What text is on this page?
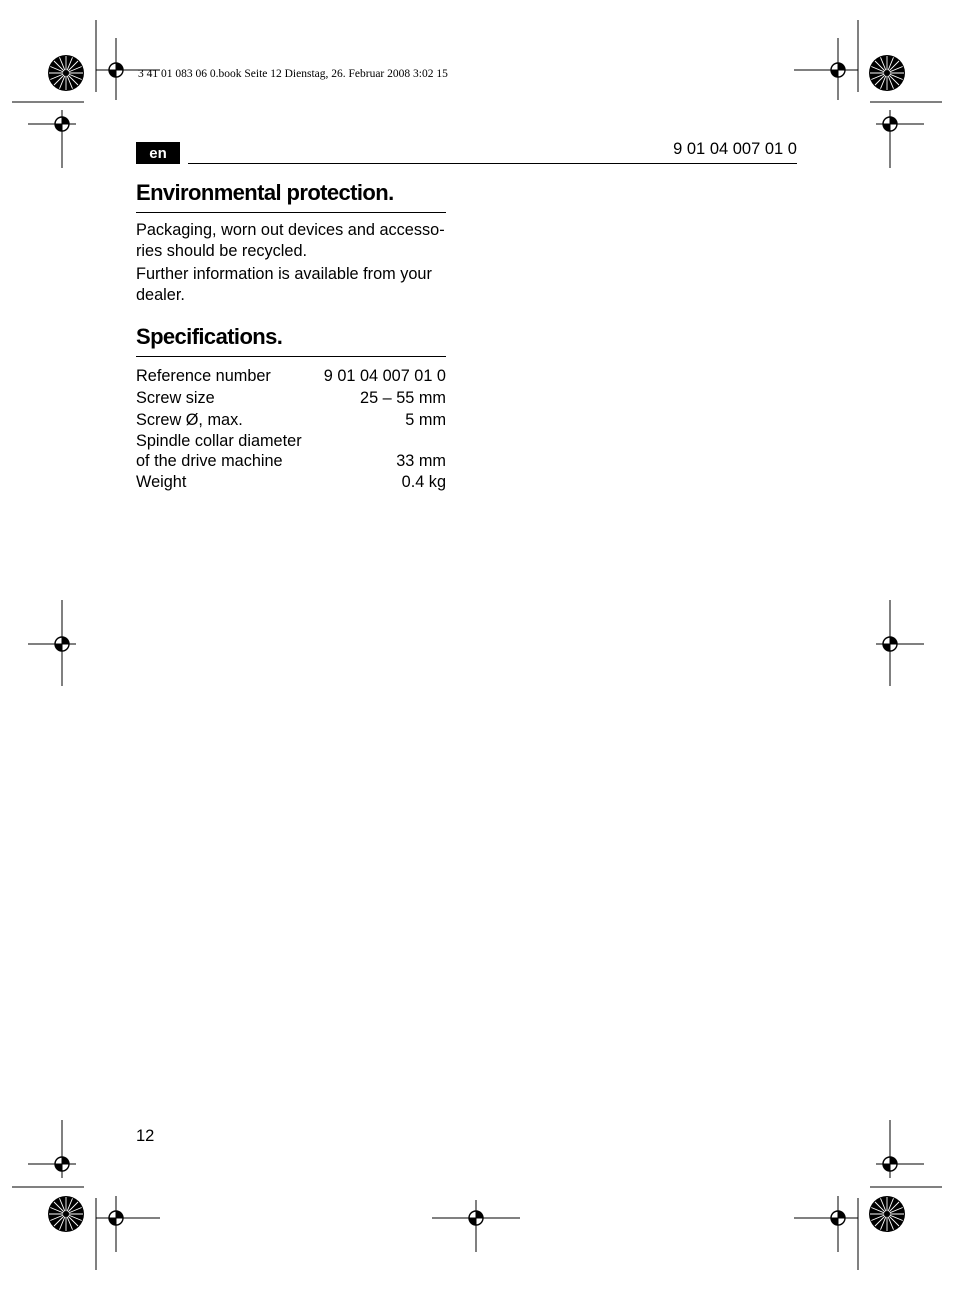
3 41 01 083 06 0.book Seite 12 Dienstag, 26. Februar 2008 3:02 15
en	9 01 04 007 01 0
Environmental protection.
Packaging, worn out devices and accesso-
ries should be recycled.
Further information is available from your
dealer.
Specifications.
Reference number	9 01 04 007 01 0
Screw size	25 – 55 mm
Screw Ø, max.	5 mm
Spindle collar diameter
of the drive machine	33 mm
Weight	0.4 kg
12
